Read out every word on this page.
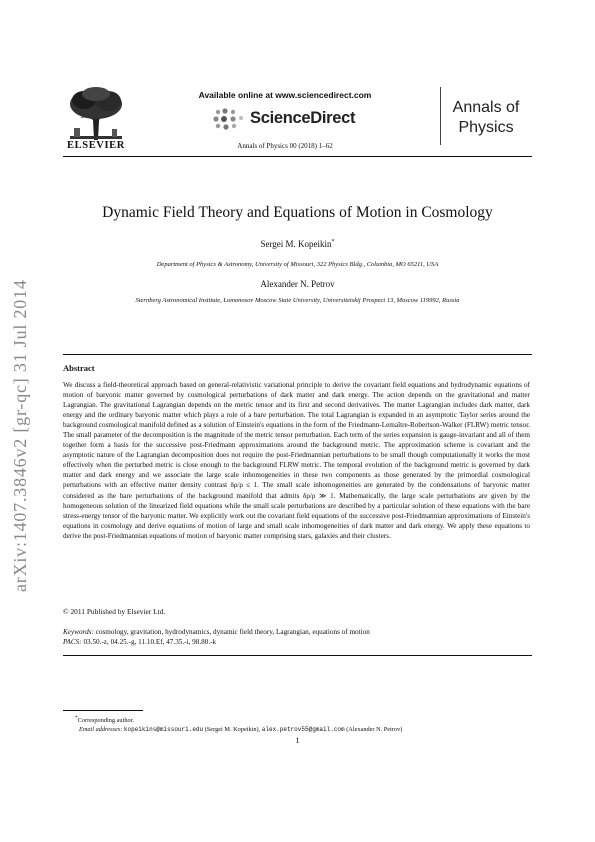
ELSEVIER
Available online at www.sciencedirect.com
ScienceDirect
Annals of Physics 00 (2018) 1–62
Annals of
Physics
arXiv:1407.3846v2 [gr-qc] 31 Jul 2014
Dynamic Field Theory and Equations of Motion in Cosmology
Sergei M. Kopeikin*
Department of Physics & Astronomy, University of Missouri, 322 Physics Bldg., Columbia, MO 65211, USA
Alexander N. Petrov
Sternberg Astronomical Institute, Lomonosov Moscow State University, Universitetskij Prospect 13, Moscow 119992, Russia
Abstract
We discuss a field-theoretical approach based on general-relativistic variational principle to derive the covariant field equations and hydrodynamic equations of motion of baryonic matter governed by cosmological perturbations of dark matter and dark energy. The action depends on the gravitational and matter Lagrangian. The gravitational Lagrangian depends on the metric tensor and its first and second derivatives. The matter Lagrangian includes dark matter, dark energy and the ordinary baryonic matter which plays a role of a bare perturbation. The total Lagrangian is expanded in an asymptotic Taylor series around the background cosmological manifold defined as a solution of Einstein's equations in the form of the Friedmann-Lemaître-Robertson-Walker (FLRW) metric tensor. The small parameter of the decomposition is the magnitude of the metric tensor perturbation. Each term of the series expansion is gauge-invariant and all of them together form a basis for the successive post-Friedmann approximations around the background metric. The approximation scheme is covariant and the asymptotic nature of the Lagrangian decomposition does not require the post-Friedmannian perturbations to be small though computationally it works the most effectively when the perturbed metric is close enough to the background FLRW metric. The temporal evolution of the background metric is governed by dark matter and dark energy and we associate the large scale inhomogeneities in these two components as those generated by the primordial cosmological perturbations with an effective matter density contrast δρ/ρ ≤ 1. The small scale inhomogeneities are generated by the condensations of baryonic matter considered as the bare perturbations of the background manifold that admits δρ/ρ ≫ 1. Mathematically, the large scale perturbations are given by the homogeneous solution of the linearized field equations while the small scale perturbations are described by a particular solution of these equations with the bare stress-energy tensor of the baryonic matter. We explicitly work out the covariant field equations of the successive post-Friedmannian approximations of Einstein's equations in cosmology and derive equations of motion of large and small scale inhomogeneities of dark matter and dark energy. We apply these equations to derive the post-Friedmannian equations of motion of baryonic matter comprising stars, galaxies and their clusters.
© 2011 Published by Elsevier Ltd.
Keywords: cosmology, gravitation, hydrodynamics, dynamic field theory, Lagrangian, equations of motion
PACS: 03.50.-z, 04.25.-g, 11.10.Ef, 47.35.-i, 98.80.-k
*Corresponding author.
Email addresses: kopeikins@missouri.edu (Sergei M. Kopeikin), alex.petrov55@gmail.com (Alexander N. Petrov)
1
